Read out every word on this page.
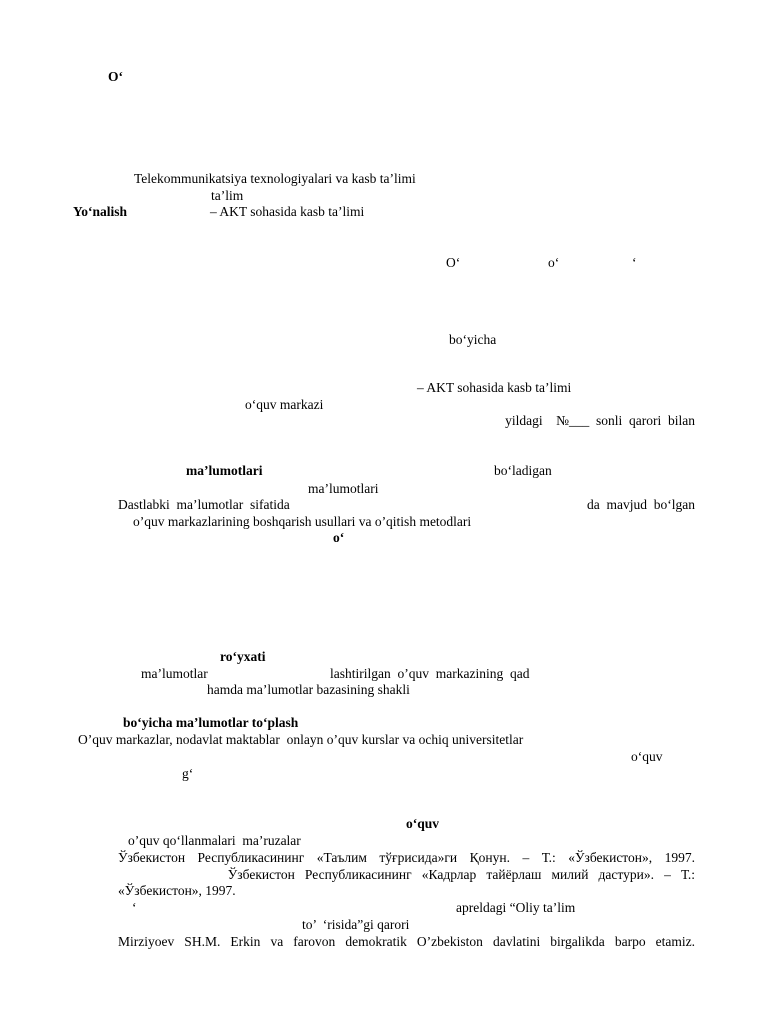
O‘
Telekommunikatsiya texnologiyalari va kasb ta’limi
ta’lim
Yo‘nalish	– AKT sohasida kasb ta’limi
O‘	o‘	‘
bo‘yicha
– AKT sohasida kasb ta’limi
o‘quv markazi
yildagi    №___  sonli  qarori  bilan
ma’lumotlari	bo‘ladigan
ma’lumotlari
Dastlabki  ma’lumotlar  sifatida	da  mavjud  bo‘lgan
o’quv markazlarining boshqarish usullari va o’qitish metodlari
o‘
ro‘yxati
ma’lumotlar	lashtirilgan  o’quv  markazining  qad
hamda ma’lumotlar bazasining shakli
bo‘yicha ma’lumotlar to‘plash
O’quv markazlar, nodavlat maktablar  onlayn o’quv kurslar va ochiq universitetlar
o‘quv
g‘
o‘quv
o’quv qo‘llanmalari  ma’ruzalar
Ўзбекистон Республикасининг «Таълим тўғрисида»ги Қонун. – Т.: «Ўзбекистон», 1997.
Ўзбекистон   Республикасининг   «Кадрлар   тайёрлаш   милий   дастури».   –   Т.:
«Ўзбекистон», 1997.
‘	apreldagi “Oliy ta’lim
to’  ‘risida”gi qarori
Mirziyoev SH.M. Erkin va farovon demokratik O’zbekiston davlatini birgalikda barpo etamiz.
